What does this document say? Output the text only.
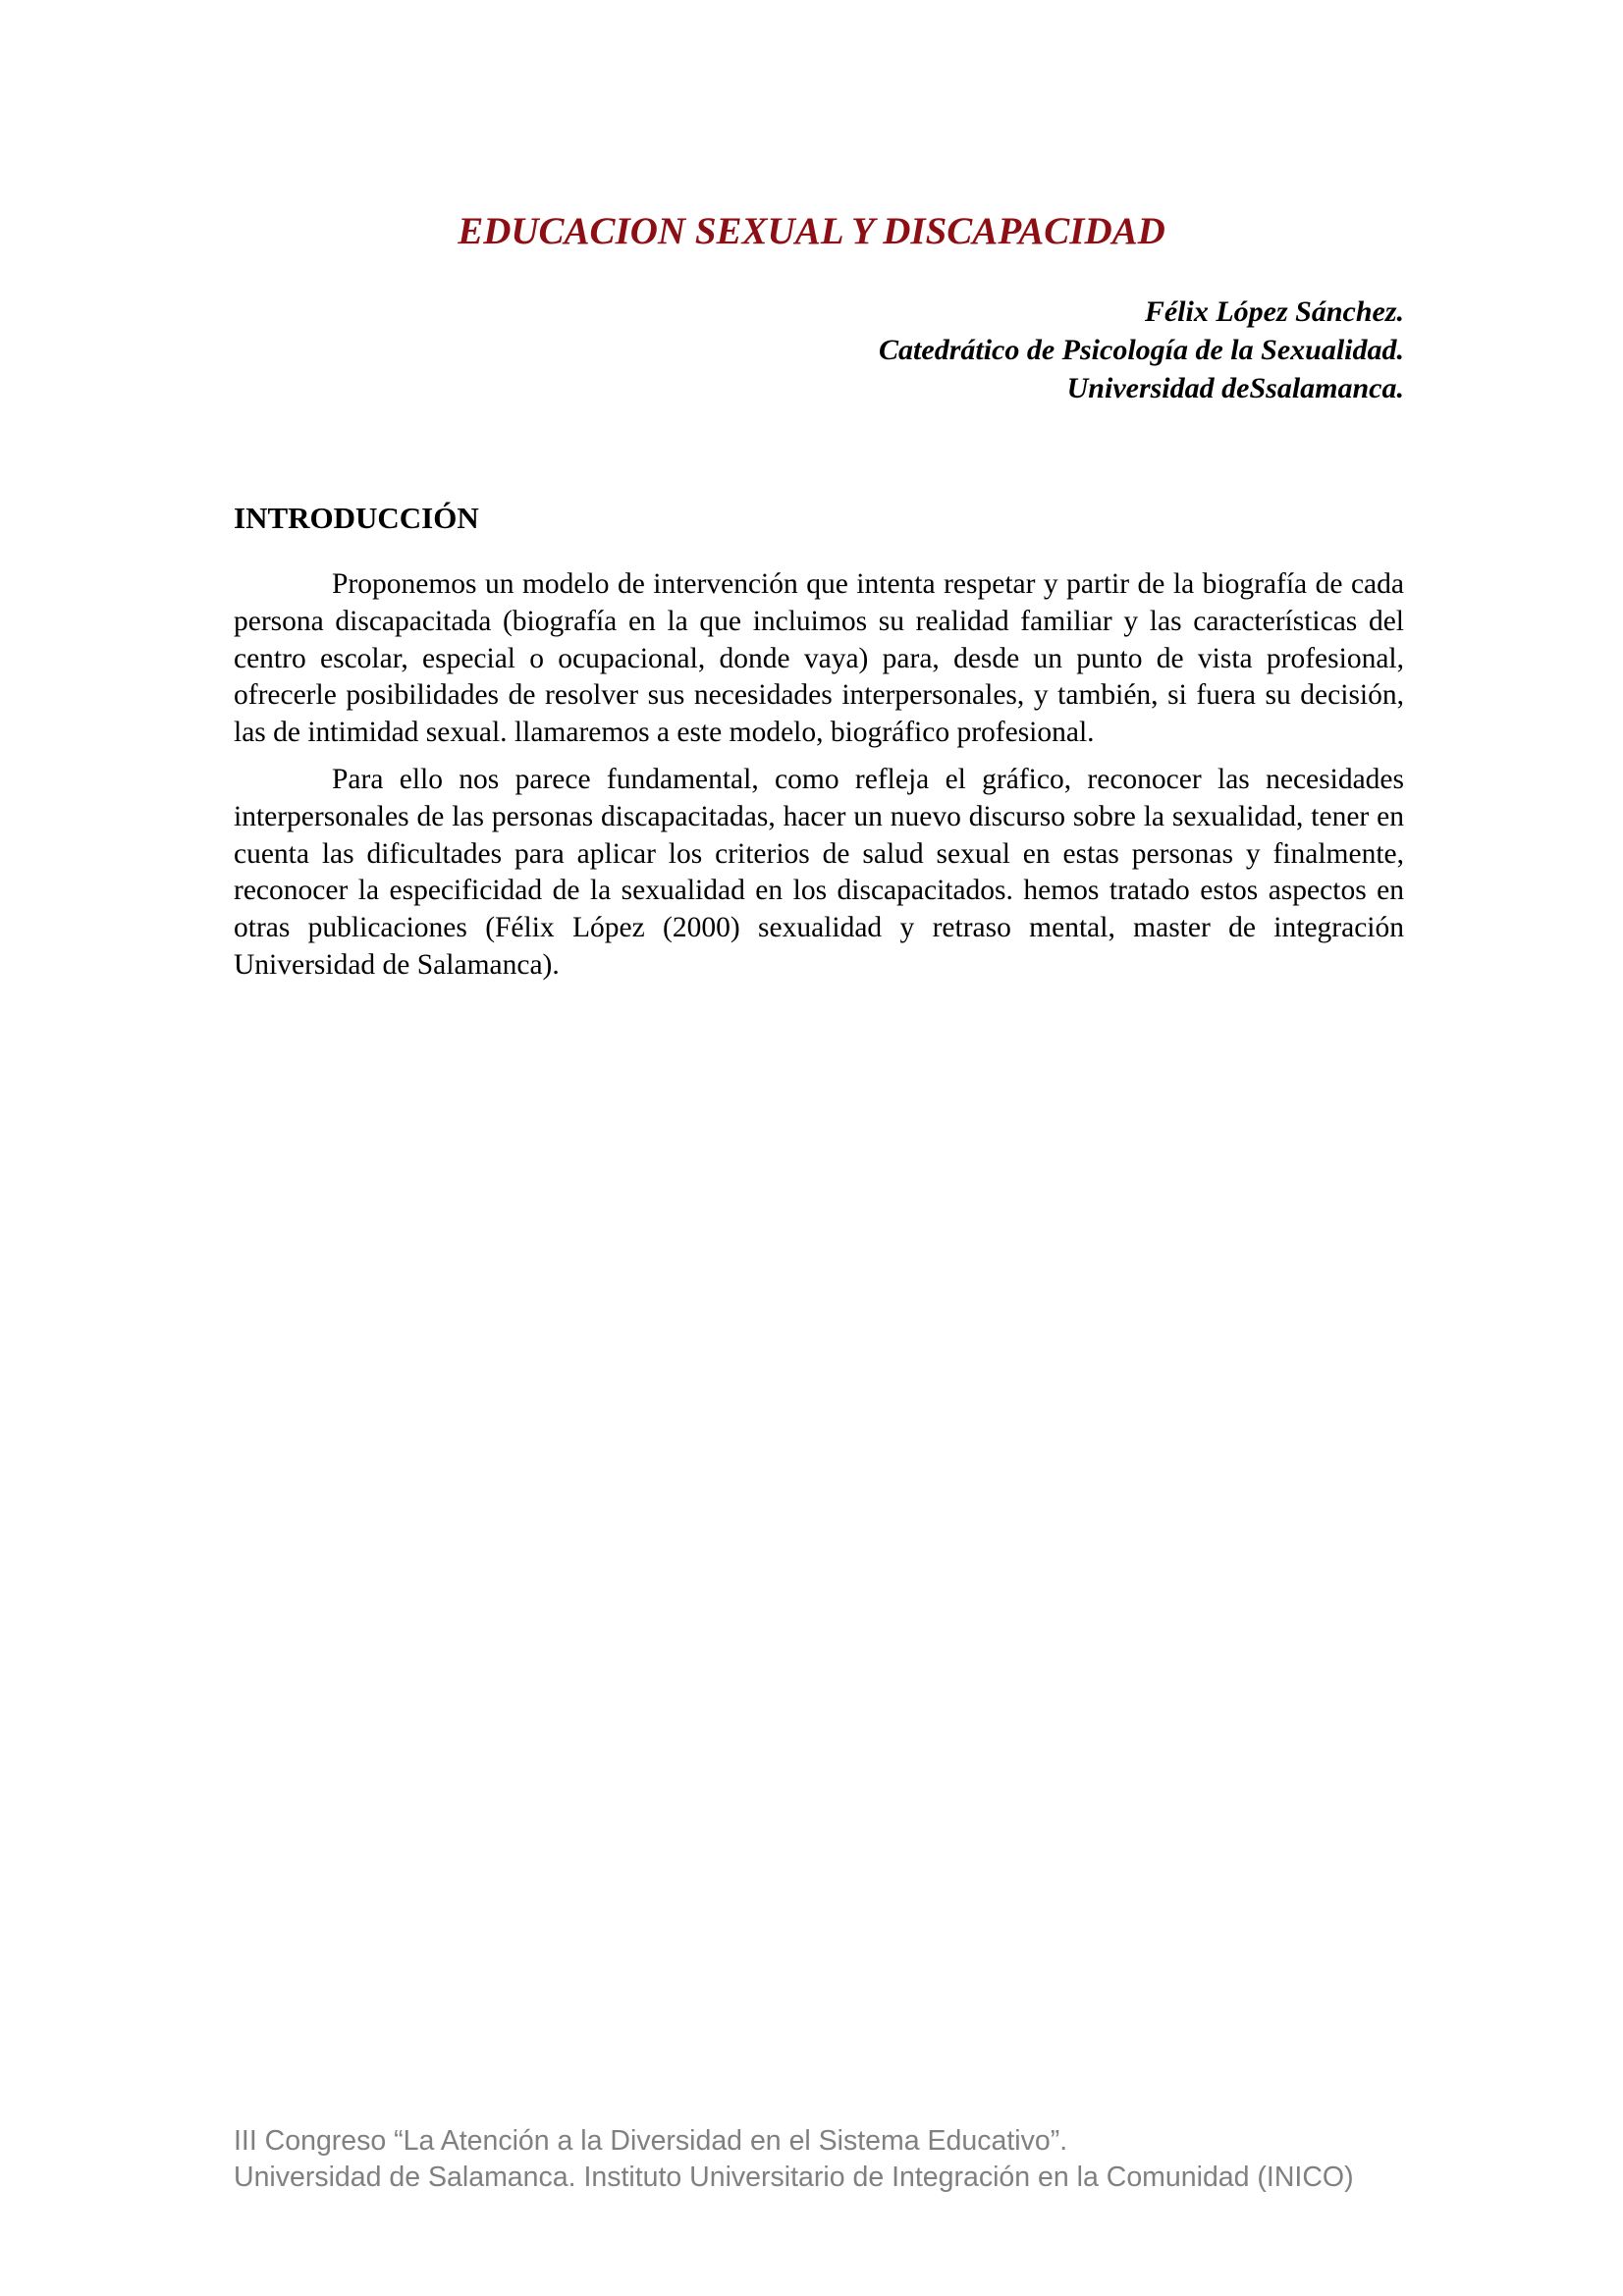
EDUCACION SEXUAL Y DISCAPACIDAD
Félix López Sánchez.
Catedrático de Psicología de la Sexualidad.
Universidad deSsalamanca.
INTRODUCCIÓN

Proponemos un modelo de intervención que intenta respetar y partir de la biografía de cada persona discapacitada (biografía en la que incluimos su realidad familiar y las características del centro escolar, especial o ocupacional, donde vaya) para, desde un punto de vista profesional, ofrecerle posibilidades de resolver sus necesidades interpersonales, y también, si fuera su decisión, las de intimidad sexual. llamaremos a este modelo, biográfico profesional.

Para ello nos parece fundamental, como refleja el gráfico, reconocer las necesidades interpersonales de las personas discapacitadas, hacer un nuevo discurso sobre la sexualidad, tener en cuenta las dificultades para aplicar los criterios de salud sexual en estas personas y finalmente, reconocer la especificidad de la sexualidad en los discapacitados. hemos tratado estos aspectos en otras publicaciones (Félix López (2000) sexualidad y retraso mental, master de integración Universidad de Salamanca).

III Congreso “La Atención a la Diversidad en el Sistema Educativo”.
Universidad de Salamanca. Instituto Universitario de Integración en la Comunidad (INICO)
